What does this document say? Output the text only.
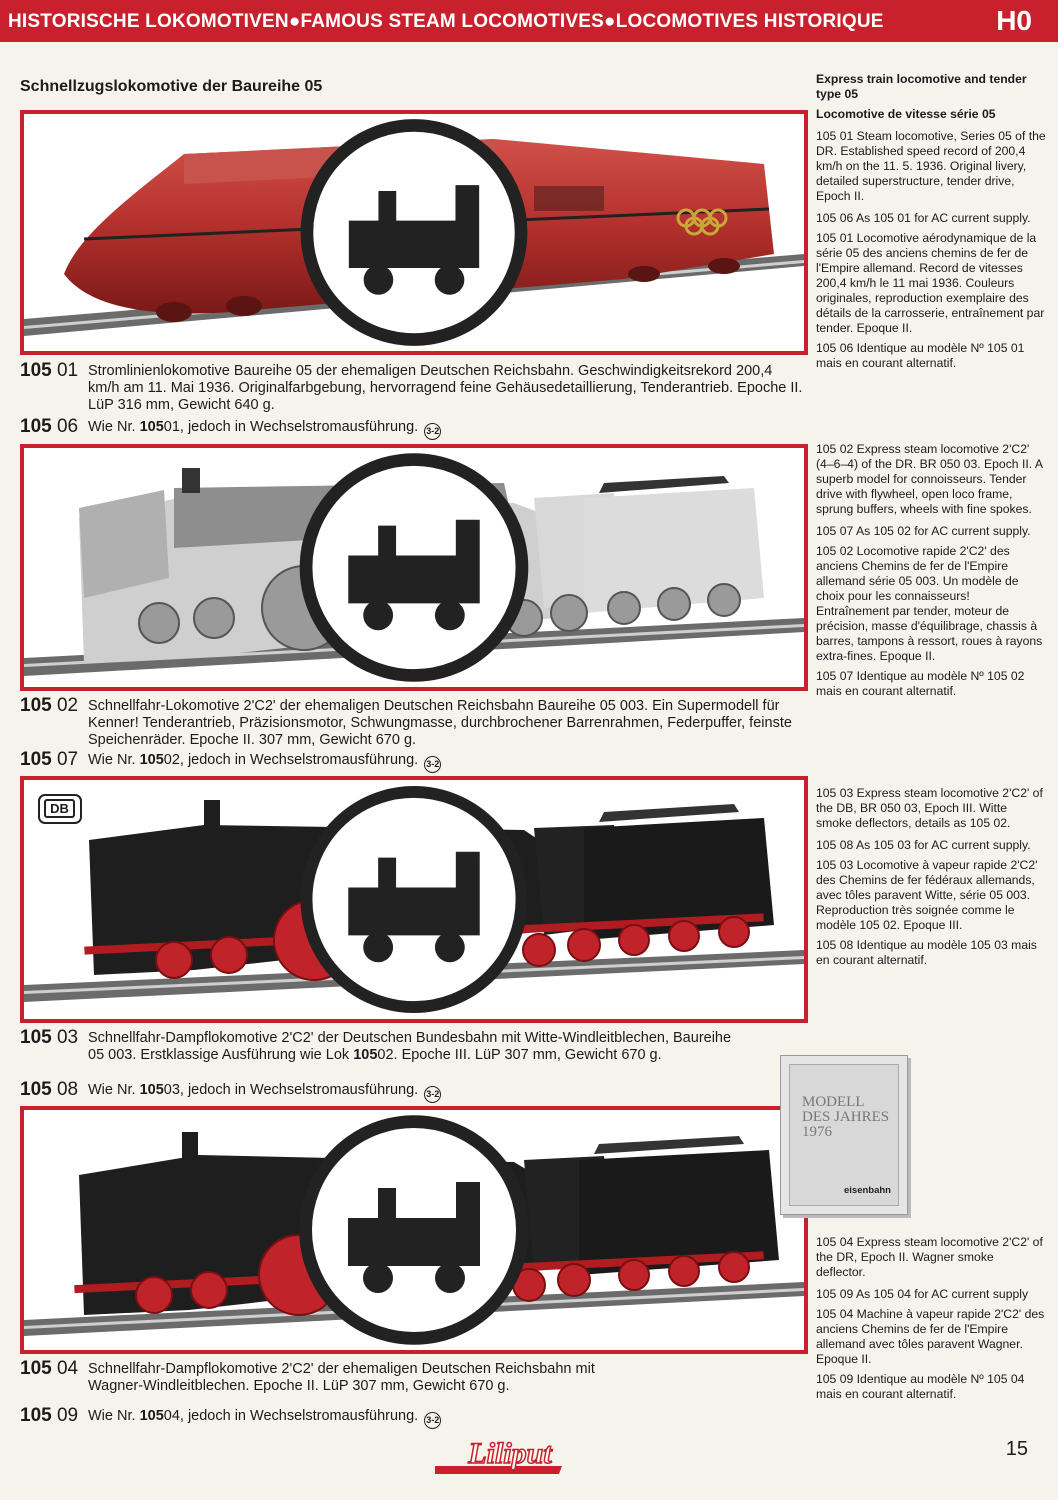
HISTORISCHE LOKOMOTIVEN●FAMOUS STEAM LOCOMOTIVES●LOCOMOTIVES HISTORIQUE	H0
Schnellzugslokomotive der Baureihe 05
105 01 Stromlinienlokomotive Baureihe 05 der ehemaligen Deutschen Reichsbahn. Geschwindigkeitsrekord 200,4 km/h am 11. Mai 1936. Originalfarbgebung, hervorragend feine Gehäusedetaillierung, Tenderantrieb. Epoche II. LüP 316 mm, Gewicht 640 g.
105 06 Wie Nr. 10501, jedoch in Wechselstromausführung. 3-2
105 02 Schnellfahr-Lokomotive 2'C2' der ehemaligen Deutschen Reichsbahn Baureihe 05 003. Ein Supermodell für Kenner! Tenderantrieb, Präzisionsmotor, Schwungmasse, durchbrochener Barrenrahmen, Federpuffer, feinste Speichenräder. Epoche II. 307 mm, Gewicht 670 g.
105 07 Wie Nr. 10502, jedoch in Wechselstromausführung. 3-2
DB
105 03 Schnellfahr-Dampflokomotive 2'C2' der Deutschen Bundesbahn mit Witte-Windleitblechen, Baureihe 05 003. Erstklassige Ausführung wie Lok 10502. Epoche III. LüP 307 mm, Gewicht 670 g.
105 08 Wie Nr. 10503, jedoch in Wechselstromausführung. 3-2
105 04 Schnellfahr-Dampflokomotive 2'C2' der ehemaligen Deutschen Reichsbahn mit Wagner-Windleitblechen. Epoche II. LüP 307 mm, Gewicht 670 g.
105 09 Wie Nr. 10504, jedoch in Wechselstromausführung. 3-2

Express train locomotive and tender type 05

Locomotive de vitesse série 05

105 01 Steam locomotive, Series 05 of the DR. Established speed record of 200,4 km/h on the 11. 5. 1936. Original livery, detailed superstructure, tender drive, Epoch II.

105 06 As 105 01 for AC current supply.

105 01 Locomotive aérodynamique de la série 05 des anciens chemins de fer de l'Empire allemand. Record de vitesses 200,4 km/h le 11 mai 1936. Couleurs originales, reproduction exemplaire des détails de la carrosserie, entraînement par tender. Epoque II.

105 06 Identique au modèle Nº 105 01 mais en courant alternatif.

105 02 Express steam locomotive 2'C2' (4–6–4) of the DR. BR 050 03. Epoch II. A superb model for connoisseurs. Tender drive with flywheel, open loco frame, sprung buffers, wheels with fine spokes.

105 07 As 105 02 for AC current supply.

105 02 Locomotive rapide 2'C2' des anciens Chemins de fer de l'Empire allemand série 05 003. Un modèle de choix pour les connaisseurs! Entraînement par tender, moteur de précision, masse d'équilibrage, chassis à barres, tampons à ressort, roues à rayons extra-fines. Epoque II.

105 07 Identique au modèle Nº 105 02 mais en courant alternatif.

105 03 Express steam locomotive 2'C2' of the DB, BR 050 03, Epoch III. Witte smoke deflectors, details as 105 02.

105 08 As 105 03 for AC current supply.

105 03 Locomotive à vapeur rapide 2'C2' des Chemins de fer fédéraux allemands, avec tôles paravent Witte, série 05 003. Reproduction très soignée comme le modèle 105 02. Epoque III.

105 08 Identique au modèle 105 03 mais en courant alternatif.

MODELL DES JAHRES 1976
eisenbahn

105 04 Express steam locomotive 2'C2' of the DR, Epoch II. Wagner smoke deflector.

105 09 As 105 04 for AC current supply

105 04 Machine à vapeur rapide 2'C2' des anciens Chemins de fer de l'Empire allemand avec tôles paravent Wagner. Epoque II.

105 09 Identique au modèle Nº 105 04 mais en courant alternatif.

Liliput	15
